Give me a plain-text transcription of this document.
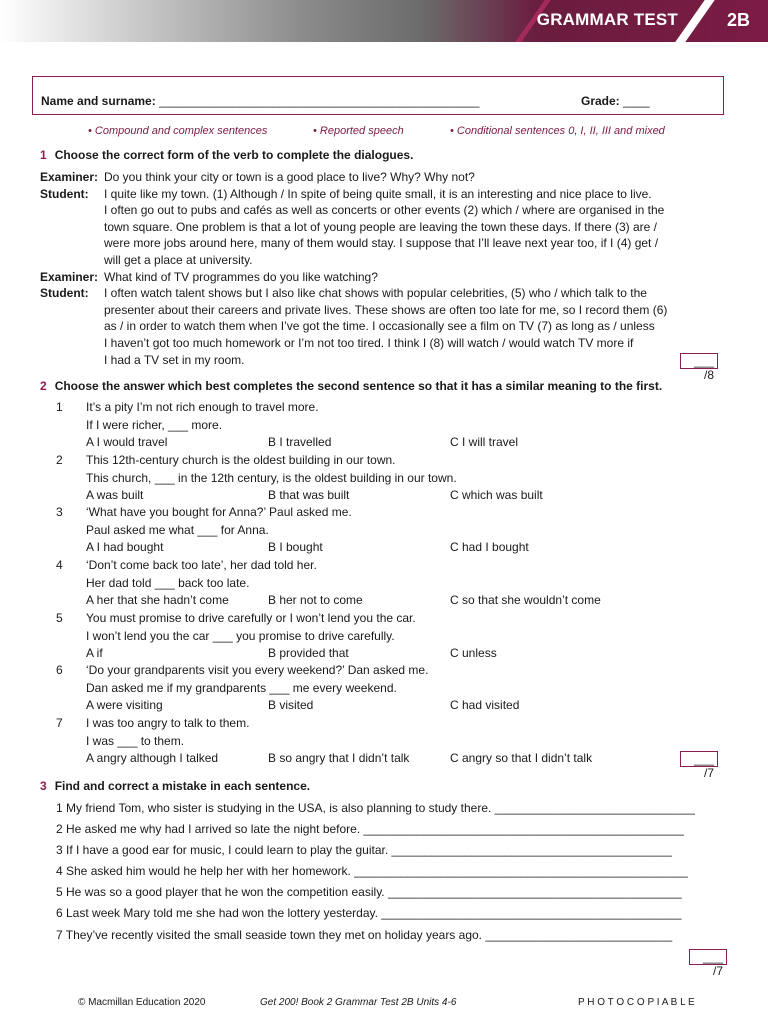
GRAMMAR TEST	2B
Name and surname: ________________________________________________	Grade: ____
• Compound and complex sentences	• Reported speech	• Conditional sentences 0, I, II, III and mixed
1 Choose the correct form of the verb to complete the dialogues.
Examiner: Do you think your city or town is a good place to live? Why? Why not?
Student:	I quite like my town. (1) Although / In spite of being quite small, it is an interesting and nice place to live.
I often go out to pubs and cafés as well as concerts or other events (2) which / where are organised in the
town square. One problem is that a lot of young people are leaving the town these days. If there (3) are /
were more jobs around here, many of them would stay. I suppose that I’ll leave next year too, if I (4) get /
will get a place at university.
Examiner: What kind of TV programmes do you like watching?
Student:	I often watch talent shows but I also like chat shows with popular celebrities, (5) who / which talk to the
presenter about their careers and private lives. These shows are often too late for me, so I record them (6)
as / in order to watch them when I’ve got the time. I occasionally see a film on TV (7) as long as / unless
I haven’t got too much homework or I’m not too tired. I think I (8) will watch / would watch TV more if
I had a TV set in my room.	___ /8
2 Choose the answer which best completes the second sentence so that it has a similar meaning to the first.
1	It’s a pity I’m not rich enough to travel more.
If I were richer, ___ more.
A I would travel	B I travelled	C I will travel
2	This 12th-century church is the oldest building in our town.
This church, ___ in the 12th century, is the oldest building in our town.
A was built	B that was built	C which was built
3	‘What have you bought for Anna?’ Paul asked me.
Paul asked me what ___ for Anna.
A I had bought	B I bought	C had I bought
4	‘Don’t come back too late’, her dad told her.
Her dad told ___ back too late.
A her that she hadn’t come	B her not to come	C so that she wouldn’t come
5	You must promise to drive carefully or I won’t lend you the car.
I won’t lend you the car ___ you promise to drive carefully.
A if	B provided that	C unless
6	‘Do your grandparents visit you every weekend?’ Dan asked me.
Dan asked me if my grandparents ___ me every weekend.
A were visiting	B visited	C had visited
7	I was too angry to talk to them.
I was ___ to them.
A angry although I talked	B so angry that I didn’t talk	C angry so that I didn’t talk	___ /7
3 Find and correct a mistake in each sentence.
1 My friend Tom, who sister is studying in the USA, is also planning to study there. ______________________________
2 He asked me why had I arrived so late the night before. ________________________________________________
3 If I have a good ear for music, I could learn to play the guitar. __________________________________________
4 She asked him would he help her with her homework. __________________________________________________
5 He was so a good player that he won the competition easily. ____________________________________________
6 Last week Mary told me she had won the lottery yesterday. _____________________________________________
7 They’ve recently visited the small seaside town they met on holiday years ago. ____________________________
___ /7
© Macmillan Education 2020	Get 200! Book 2 Grammar Test 2B Units 4-6	P H O T O C O P I A B L E
